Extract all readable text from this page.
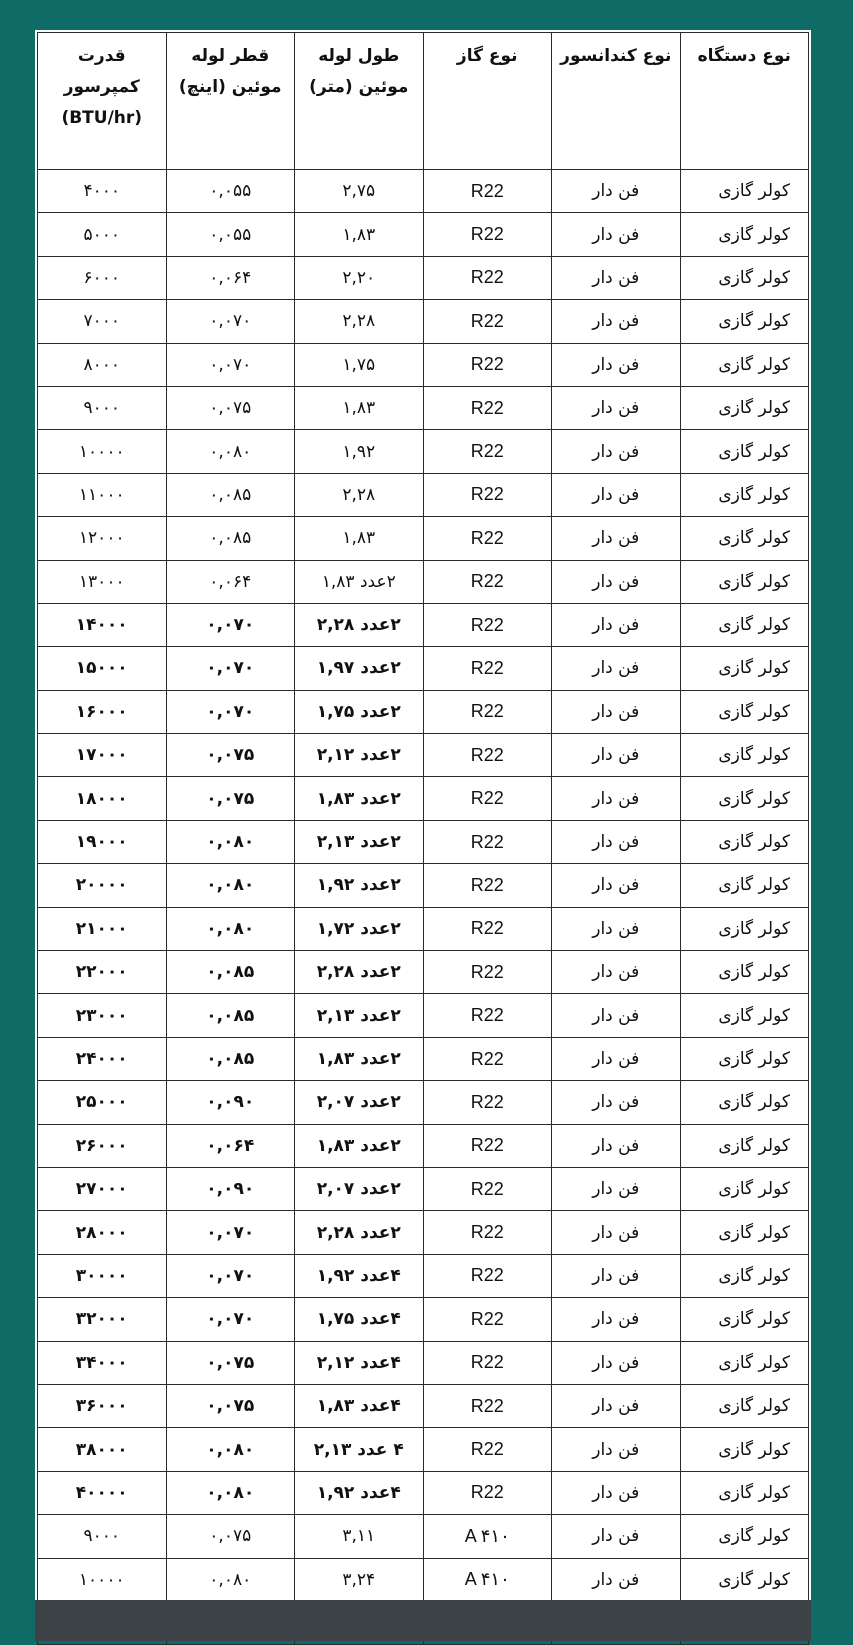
نوع دستگاه	نوع کندانسور	نوع گاز	طول لوله موئین (متر)	قطر لوله موئین (اینچ)	قدرت کمپرسور (BTU/hr)
کولر گازی	فن دار	R22	۲,۷۵	۰,۰۵۵	۴۰۰۰
کولر گازی	فن دار	R22	۱,۸۳	۰,۰۵۵	۵۰۰۰
کولر گازی	فن دار	R22	۲,۲۰	۰,۰۶۴	۶۰۰۰
کولر گازی	فن دار	R22	۲,۲۸	۰,۰۷۰	۷۰۰۰
کولر گازی	فن دار	R22	۱,۷۵	۰,۰۷۰	۸۰۰۰
کولر گازی	فن دار	R22	۱,۸۳	۰,۰۷۵	۹۰۰۰
کولر گازی	فن دار	R22	۱,۹۲	۰,۰۸۰	۱۰۰۰۰
کولر گازی	فن دار	R22	۲,۲۸	۰,۰۸۵	۱۱۰۰۰
کولر گازی	فن دار	R22	۱,۸۳	۰,۰۸۵	۱۲۰۰۰
کولر گازی	فن دار	R22	۲عدد ۱,۸۳	۰,۰۶۴	۱۳۰۰۰
کولر گازی	فن دار	R22	۲عدد ۲,۲۸	۰,۰۷۰	۱۴۰۰۰
کولر گازی	فن دار	R22	۲عدد ۱,۹۷	۰,۰۷۰	۱۵۰۰۰
کولر گازی	فن دار	R22	۲عدد ۱,۷۵	۰,۰۷۰	۱۶۰۰۰
کولر گازی	فن دار	R22	۲عدد ۲,۱۲	۰,۰۷۵	۱۷۰۰۰
کولر گازی	فن دار	R22	۲عدد ۱,۸۳	۰,۰۷۵	۱۸۰۰۰
کولر گازی	فن دار	R22	۲عدد ۲,۱۳	۰,۰۸۰	۱۹۰۰۰
کولر گازی	فن دار	R22	۲عدد ۱,۹۲	۰,۰۸۰	۲۰۰۰۰
کولر گازی	فن دار	R22	۲عدد ۱,۷۲	۰,۰۸۰	۲۱۰۰۰
کولر گازی	فن دار	R22	۲عدد ۲,۲۸	۰,۰۸۵	۲۲۰۰۰
کولر گازی	فن دار	R22	۲عدد ۲,۱۳	۰,۰۸۵	۲۳۰۰۰
کولر گازی	فن دار	R22	۲عدد ۱,۸۳	۰,۰۸۵	۲۴۰۰۰
کولر گازی	فن دار	R22	۲عدد ۲,۰۷	۰,۰۹۰	۲۵۰۰۰
کولر گازی	فن دار	R22	۲عدد ۱,۸۳	۰,۰۶۴	۲۶۰۰۰
کولر گازی	فن دار	R22	۲عدد ۲,۰۷	۰,۰۹۰	۲۷۰۰۰
کولر گازی	فن دار	R22	۲عدد ۲,۲۸	۰,۰۷۰	۲۸۰۰۰
کولر گازی	فن دار	R22	۴عدد ۱,۹۲	۰,۰۷۰	۳۰۰۰۰
کولر گازی	فن دار	R22	۴عدد ۱,۷۵	۰,۰۷۰	۳۲۰۰۰
کولر گازی	فن دار	R22	۴عدد ۲,۱۲	۰,۰۷۵	۳۴۰۰۰
کولر گازی	فن دار	R22	۴عدد ۱,۸۳	۰,۰۷۵	۳۶۰۰۰
کولر گازی	فن دار	R22	۴ عدد ۲,۱۳	۰,۰۸۰	۳۸۰۰۰
کولر گازی	فن دار	R22	۴عدد ۱,۹۲	۰,۰۸۰	۴۰۰۰۰
کولر گازی	فن دار	A ۴۱۰	۳,۱۱	۰,۰۷۵	۹۰۰۰
کولر گازی	فن دار	A ۴۱۰	۳,۲۴	۰,۰۸۰	۱۰۰۰۰
